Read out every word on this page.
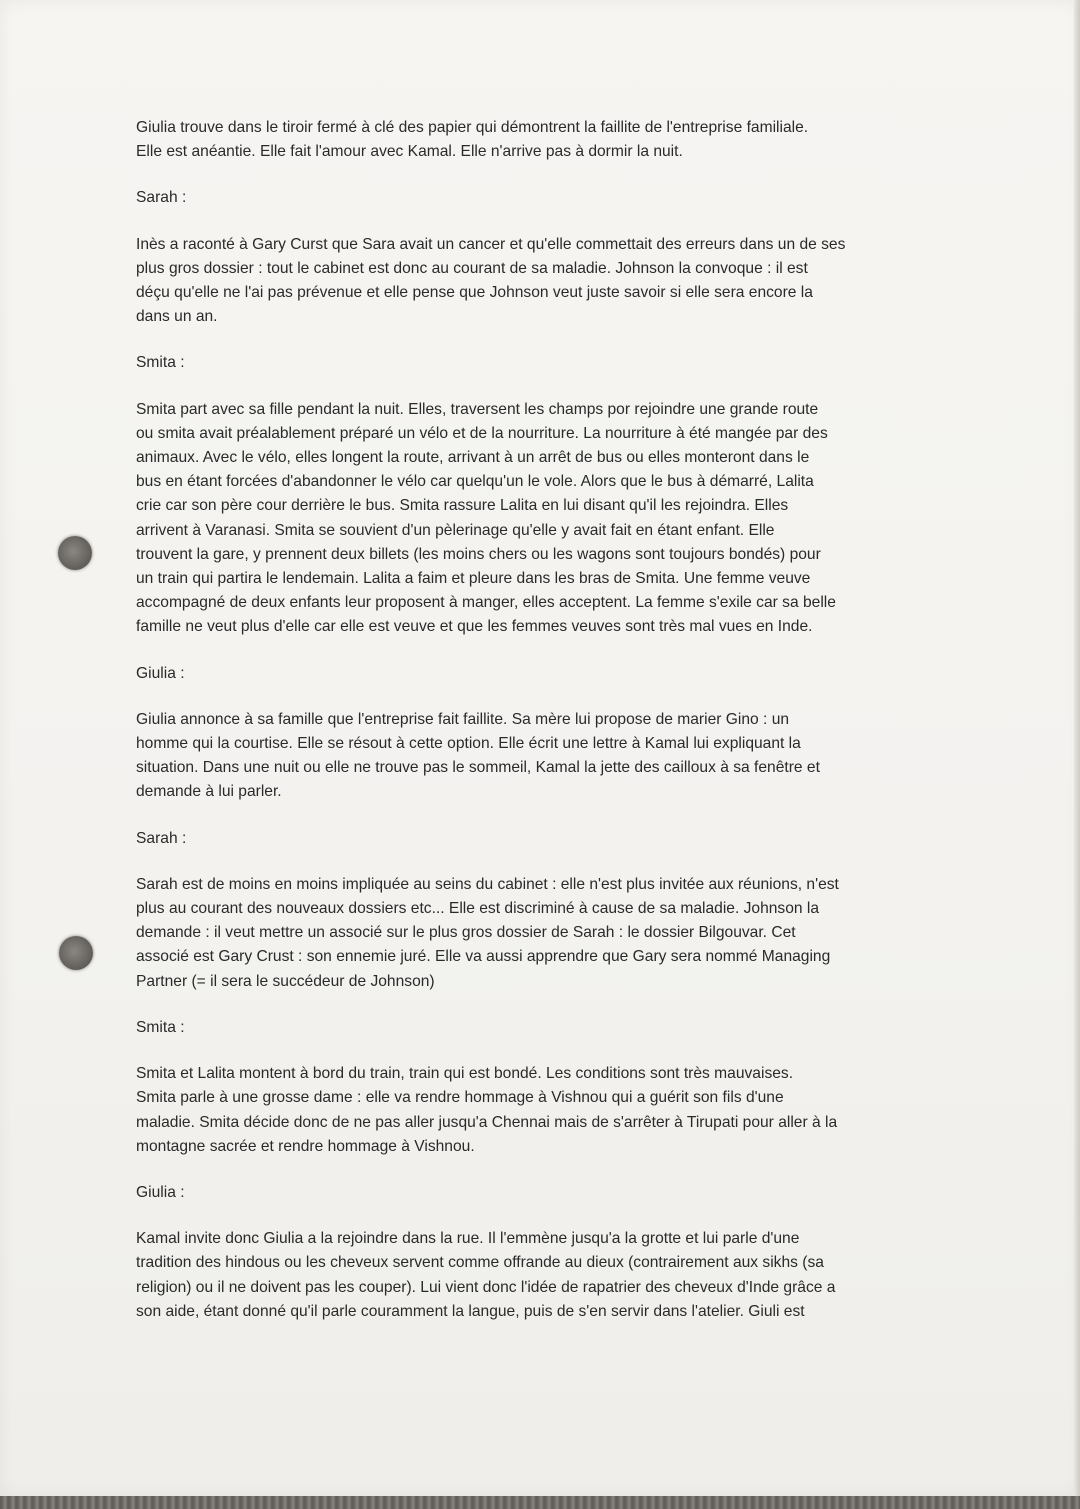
Giulia trouve dans le tiroir fermé à clé des papier qui démontrent la faillite de l'entreprise familiale.
Elle est anéantie. Elle fait l'amour avec Kamal. Elle n'arrive pas à dormir la nuit.

Sarah :

Inès a raconté à Gary Curst que Sara avait un cancer et qu'elle commettait des erreurs dans un de ses
plus gros dossier : tout le cabinet est donc au courant de sa maladie. Johnson la convoque : il est
déçu qu'elle ne l'ai pas prévenue et elle pense que Johnson veut juste savoir si elle sera encore la
dans un an.

Smita :

Smita part avec sa fille pendant la nuit. Elles, traversent les champs por rejoindre une grande route
ou smita avait préalablement préparé un vélo et de la nourriture. La nourriture à été mangée par des
animaux. Avec le vélo, elles longent la route, arrivant à un arrêt de bus ou elles monteront dans le
bus en étant forcées d'abandonner le vélo car quelqu'un le vole. Alors que le bus à démarré, Lalita
crie car son père cour derrière le bus. Smita rassure Lalita en lui disant qu'il les rejoindra. Elles
arrivent à Varanasi. Smita se souvient d'un pèlerinage qu'elle y avait fait en étant enfant. Elle
trouvent la gare, y prennent deux billets (les moins chers ou les wagons sont toujours bondés) pour
un train qui partira le lendemain. Lalita a faim et pleure dans les bras de Smita. Une femme veuve
accompagné de deux enfants leur proposent à manger, elles acceptent. La femme s'exile car sa belle
famille ne veut plus d'elle car elle est veuve et que les femmes veuves sont très mal vues en Inde.

Giulia :

Giulia annonce à sa famille que l'entreprise fait faillite. Sa mère lui propose de marier Gino : un
homme qui la courtise. Elle se résout à cette option. Elle écrit une lettre à Kamal lui expliquant la
situation. Dans une nuit ou elle ne trouve pas le sommeil, Kamal la jette des cailloux à sa fenêtre et
demande à lui parler.

Sarah :

Sarah est de moins en moins impliquée au seins du cabinet : elle n'est plus invitée aux réunions, n'est
plus au courant des nouveaux dossiers etc... Elle est discriminé à cause de sa maladie. Johnson la
demande : il veut mettre un associé sur le plus gros dossier de Sarah : le dossier Bilgouvar. Cet
associé est Gary Crust : son ennemie juré. Elle va aussi apprendre que Gary sera nommé Managing
Partner (= il sera le succédeur de Johnson)

Smita :

Smita et Lalita montent à bord du train, train qui est bondé. Les conditions sont très mauvaises.
Smita parle à une grosse dame : elle va rendre hommage à Vishnou qui a guérit son fils d'une
maladie. Smita décide donc de ne pas aller jusqu'a Chennai mais de s'arrêter à Tirupati pour aller à la
montagne sacrée et rendre hommage à Vishnou.

Giulia :

Kamal invite donc Giulia a la rejoindre dans la rue. Il l'emmène jusqu'a la grotte et lui parle d'une
tradition des hindous ou les cheveux servent comme offrande au dieux (contrairement aux sikhs (sa
religion) ou il ne doivent pas les couper). Lui vient donc l'idée de rapatrier des cheveux d'Inde grâce a
son aide, étant donné qu'il parle couramment la langue, puis de s'en servir dans l'atelier. Giuli est
